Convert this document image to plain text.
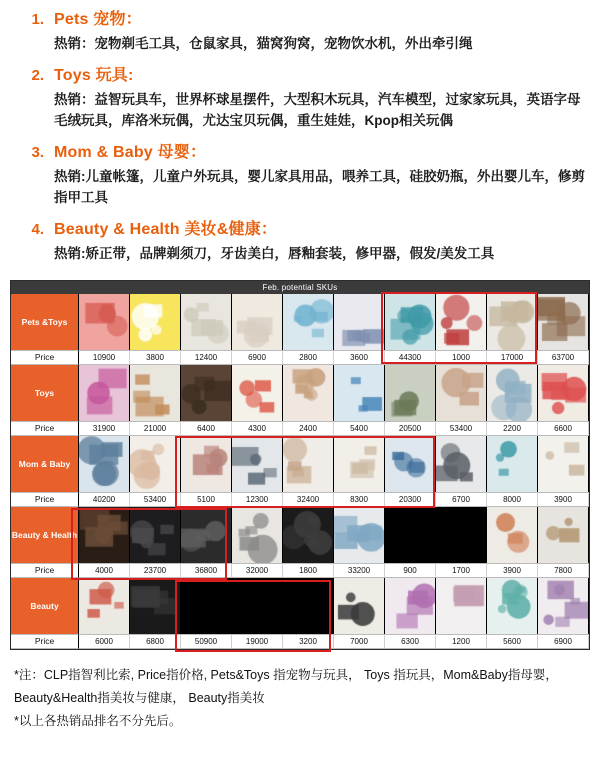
1. Pets 宠物：
热销：宠物剃毛工具，仓鼠家具，猫窝狗窝，宠物饮水机，外出牵引绳
2. Toys 玩具:
热销：益智玩具车，世界杯球星摆件，大型积木玩具，汽车模型，过家家玩具，英语字母毛绒玩具，库洛米玩偶，尤达宝贝玩偶，重生娃娃，Kpop相关玩偶
3. Mom & Baby 母婴：
热销:儿童帐篷，儿童户外玩具，婴儿家具用品，喂养工具，硅胶奶瓶，外出婴儿车，修剪指甲工具
4. Beauty & Health 美妆&健康：
热销:矫正带，品牌剃须刀，牙齿美白，唇釉套装，修甲器，假发/美发工具
Feb. potential SKUs
Pets &Toys
Price	10900	3800	12400	6900	2800	3600	44300	1000	17000	63700
Toys
Price	31900	21000	6400	4300	2400	5400	20500	53400	2200	6600
Mom & Baby
Price	40200	53400	5100	12300	32400	8300	20300	6700	8000	3900
Beauty & Health
Price	4000	23700	36800	32000	1800	33200	900	1700	3900	7800
Beauty
Price	6000	6800	50900	19000	3200	7000	6300	1200	5600	6900
*注：CLP指智利比索, Price指价格, Pets&Toys 指宠物与玩具， Toys 指玩具，Mom&Baby指母婴，
Beauty&Health指美妆与健康， Beauty指美妆
*以上各热销品排名不分先后。
